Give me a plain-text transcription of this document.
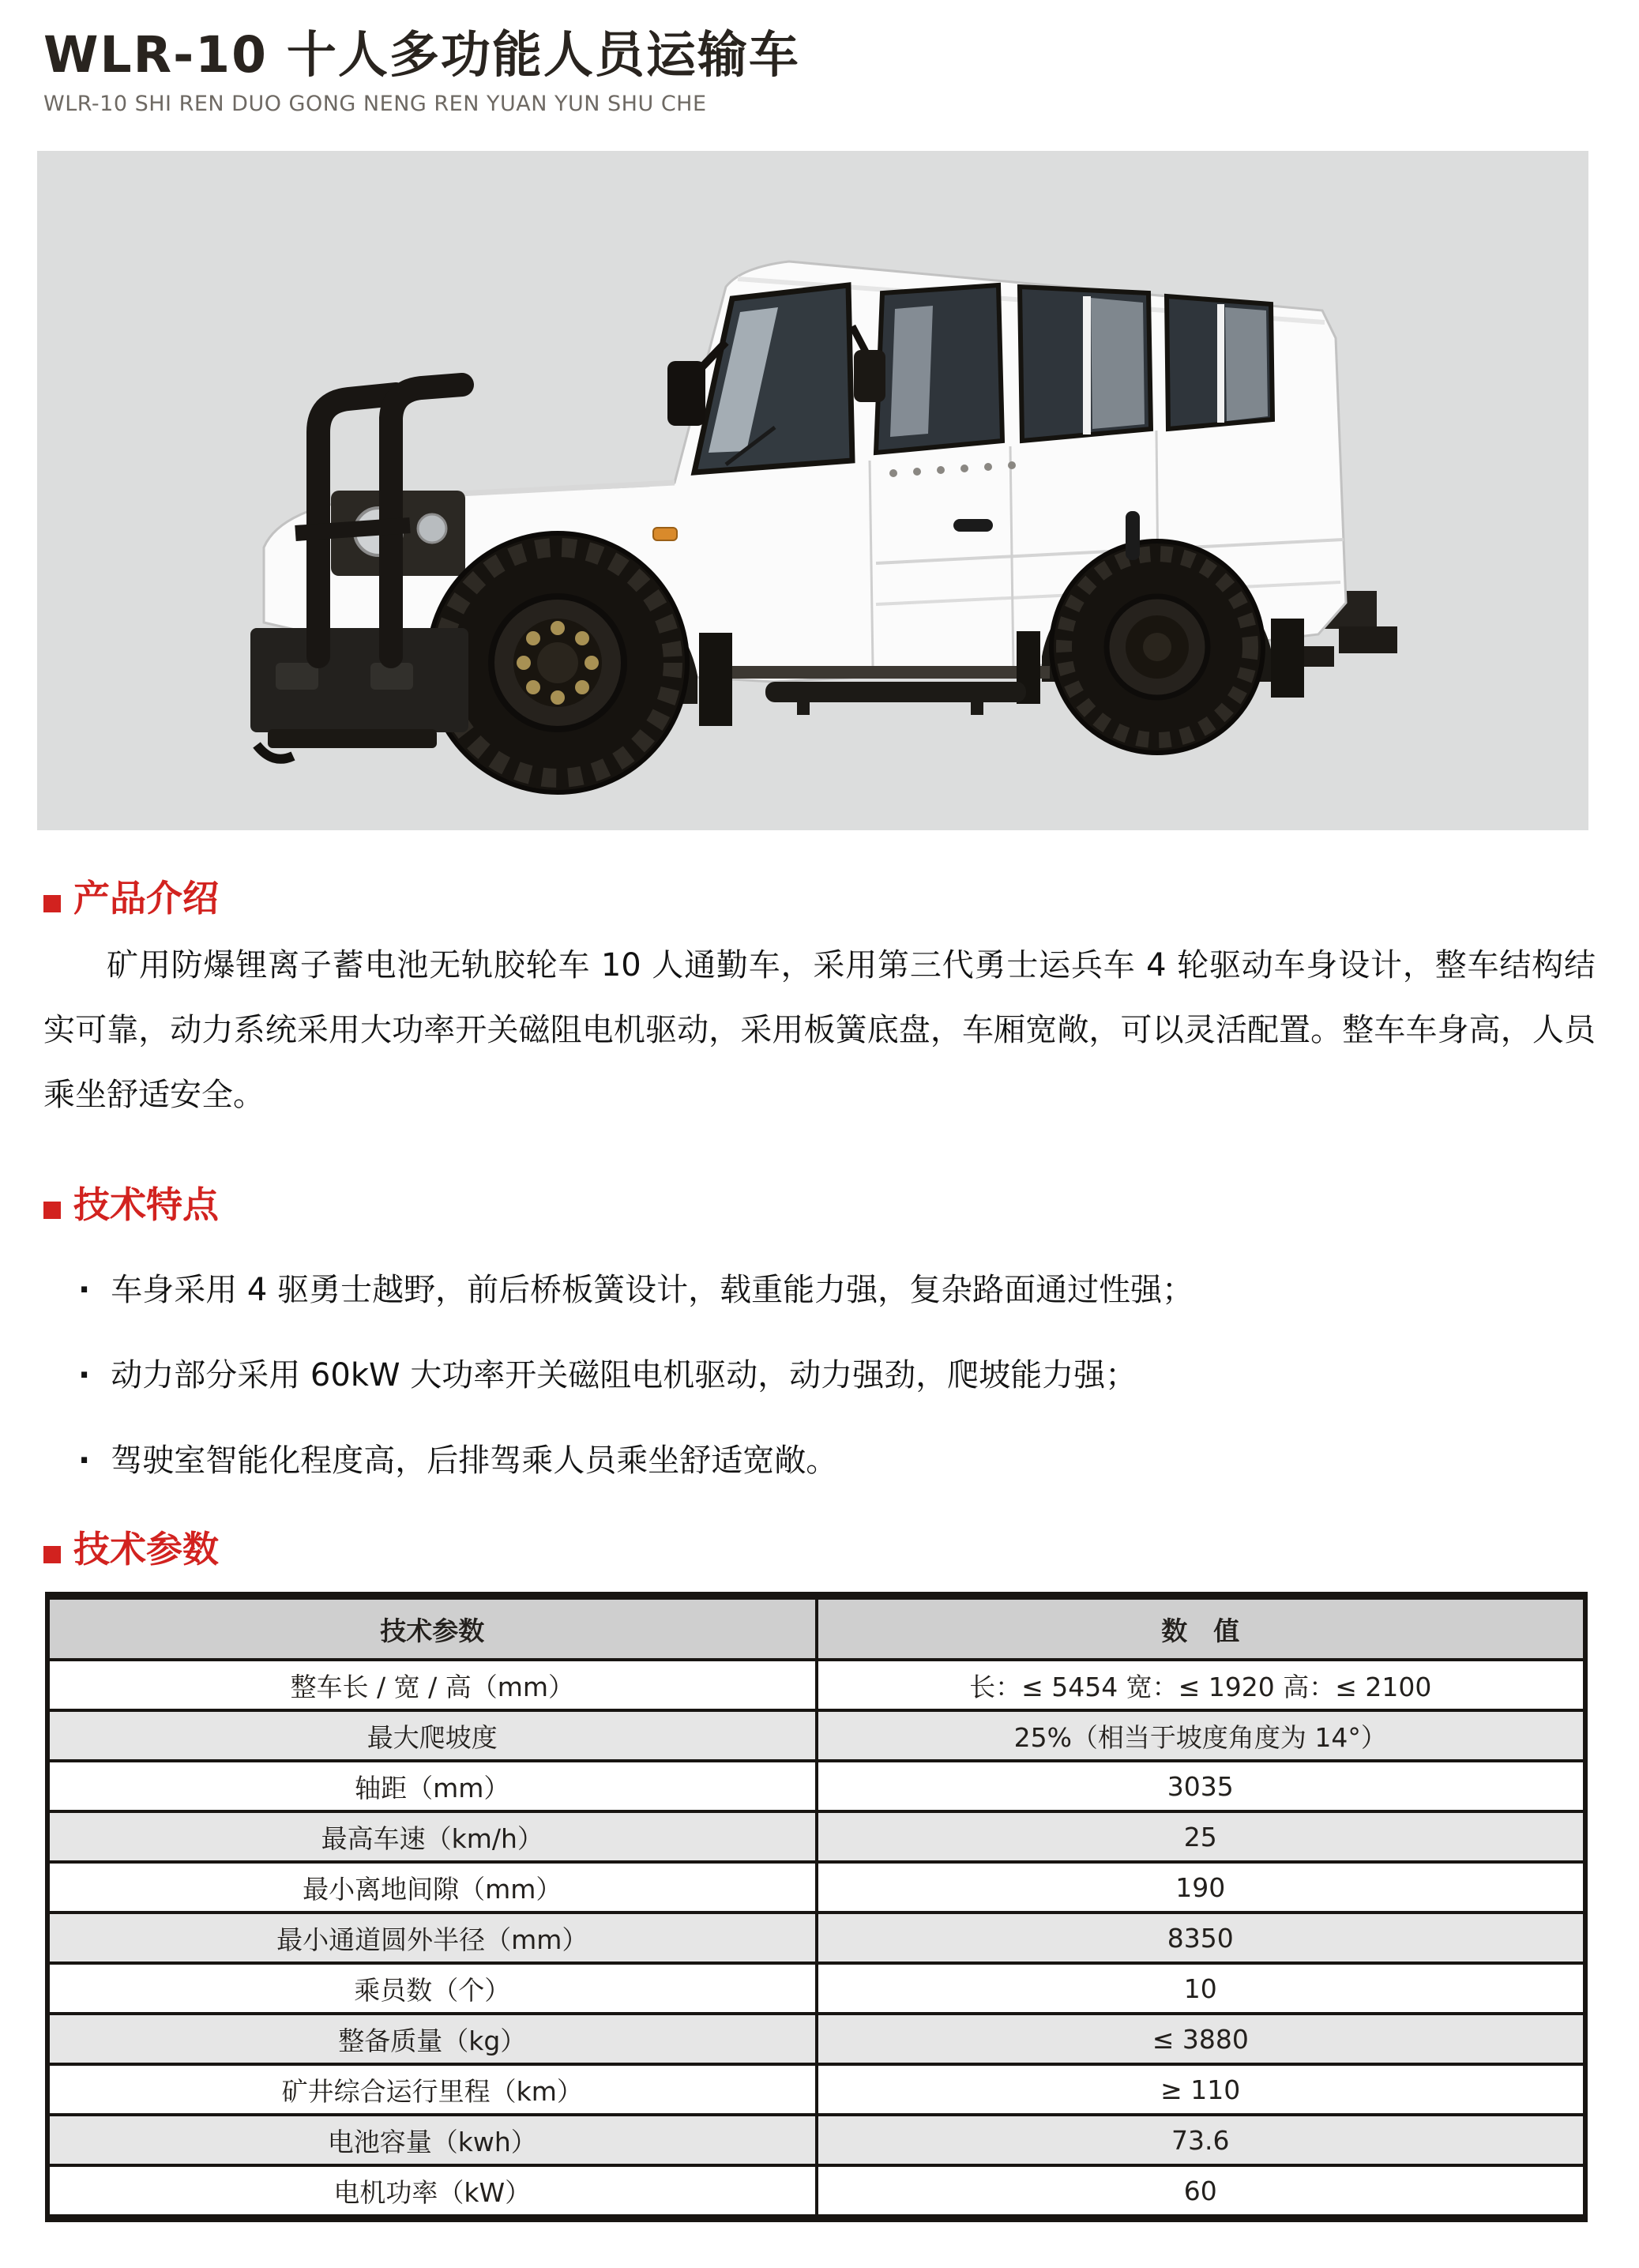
WLR-10 十人多功能人员运输车
WLR-10 SHI REN DUO GONG NENG REN YUAN YUN SHU CHE
产品介绍

矿用防爆锂离子蓄电池无轨胶轮车 10 人通勤车，采用第三代勇士运兵车 4 轮驱动车身设计，整车结构结实可靠，动力系统采用大功率开关磁阻电机驱动，采用板簧底盘，车厢宽敞，可以灵活配置。整车车身高，人员乘坐舒适安全。

技术特点
· 车身采用 4 驱勇士越野，前后桥板簧设计，载重能力强，复杂路面通过性强；
· 动力部分采用 60kW 大功率开关磁阻电机驱动，动力强劲，爬坡能力强；
· 驾驶室智能化程度高，后排驾乘人员乘坐舒适宽敞。
技术参数
技术参数	数　值
整车长 / 宽 / 高（mm）	长：≤ 5454 宽：≤ 1920 高：≤ 2100
最大爬坡度	25%（相当于坡度角度为 14°）
轴距（mm）	3035
最高车速（km/h）	25
最小离地间隙（mm）	190
最小通道圆外半径（mm）	8350
乘员数（个）	10
整备质量（kg）	≤ 3880
矿井综合运行里程（km）	≥ 110
电池容量（kwh）	73.6
电机功率（kW）	60
